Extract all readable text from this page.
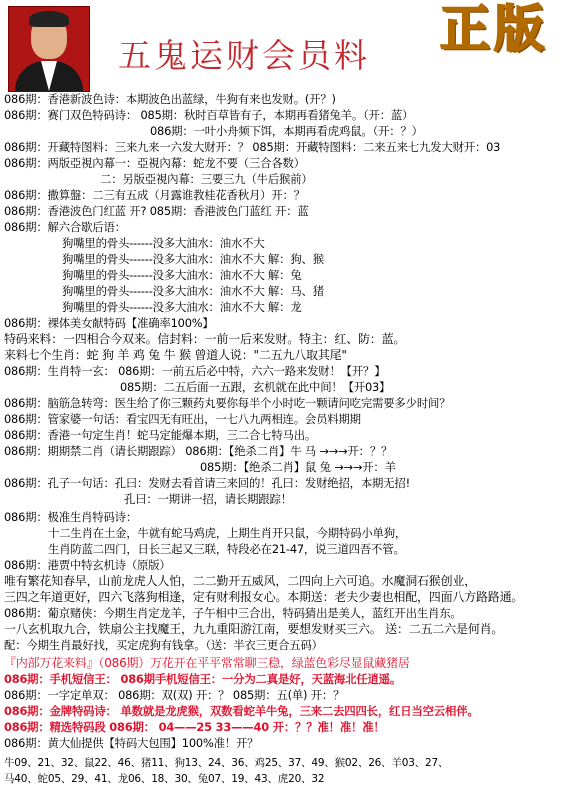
五鬼运财会员料 正版
086期：香港新波色诗：本期波色出蓝绿，牛狗有来也发财。(开？)
086期：赛门双色特码诗： 085期：秋时百草皆有子，本期再看猪兔羊。（开：蓝）
086期：一叶小舟频下饵，本期再看虎鸡鼠。（开：？）
086期：开藏特图料：三来九来一六发大财开：？ 085期：开藏特图料：二来五来七九发大财开：03
086期：两版亞視內幕一：亞視內幕：蛇龙不要（三合各数）
二：另版亞視內幕：三要三九（牛后猴前）
086期：撒算盤：二三有五成（月露谁教桂花香秋月）开：？
086期：香港波色门红蓝 开? 085期：香港波色门蓝红 开：蓝
086期：解六合歇后语：
狗嘴里的骨头------没多大油水：油水不大
狗嘴里的骨头------没多大油水：油水不大 解：狗、猴
狗嘴里的骨头------没多大油水：油水不大 解：兔
狗嘴里的骨头------没多大油水：油水不大 解：马、猪
狗嘴里的骨头------没多大油水：油水不大 解：龙
086期：裸体美女献特码【准确率100%】
特码来料：一四相合今双来。信封料：一前一后来发财。特主：红、防：蓝。
来料七个生肖：蛇 狗 羊 鸡 兔 牛 猴 曾道人说："二五九八取其尾"
086期：生肖特一玄： 086期：一前五后必中特，六六一路来发财！【开？】
085期：二五后面一五跟，玄机就在此中间！【开03】
086期：脑筋急转弯：医生给了你三颗药丸要你每半个小时吃一颗请问吃完需要多少时间？
086期：管家婆一句话：看宝四无有旺出，一七八九两相连。会员料期期
086期：香港一句定生肖！蛇马定能爆本期，三二合七特马出。
086期：期期禁二肖（请长期跟踪） 086期：【绝杀二肖】牛 马 →→→开：？？
085期：【绝杀二肖】鼠 兔 →→→开：羊
086期：孔子一句话：孔曰：发财去看首请三来回的！孔曰：发财绝招，本期无招!
孔曰：一期讲一招，请长期跟踪！
086期：极准生肖特码诗：
十二生肖在土金，牛就有蛇马鸡虎，上期生肖开只鼠，今期特码小单狗，
生肖防蓝二四门，日长三起又三联，特段必在21-47，说三道四吾不管。
086期：港贾中特玄机诗（原版）
唯有繁花知春早，山前龙虎人人怕，二二勤开五威风，二四向上六可追。水魔洞石猴创业，
三四之年道更好，四六飞落狗相逢，定有财利报女心。本期送：老夫少妻也相配，四面八方路路通。
086期：葡京赌侠：今期生肖定龙羊，子午相中三合出，特码猜出是美人，蓝红开出生肖东。
一八玄机取九合，铁扇公主找魔王，九九重阳游江南，要想发财买三六。 送：二五二六是何肖。
配：今期生肖最好找，买定虎狗有钱拿。（送：半衣三更合五码）
『内部万花来料』（086期）万花开在平平常常聊三稳，绿蓝色彩尽显鼠藏猪居
086期：手机短信王： 086期手机短信王：一分为二真是好，天蓝海北任逍遥。
086期：一字定单双： 086期：双(双) 开：？ 085期：五(单) 开：？
086期：金牌特码诗： 单数就是龙虎猴，双数看蛇羊牛兔，三来二去四四长，红日当空云相伴。
086期：精选特码段 086期： 04——25 33——40 开：？？准！准！准！
086期：黄大仙提供【特码大包围】100%准！开？
牛09、21、32、鼠22、46、猪11、狗13、24、36、鸡25、37、49、猴02、26、羊03、27、
马40、蛇05、29、41、龙06、18、30、兔07、19、43、虎20、32
